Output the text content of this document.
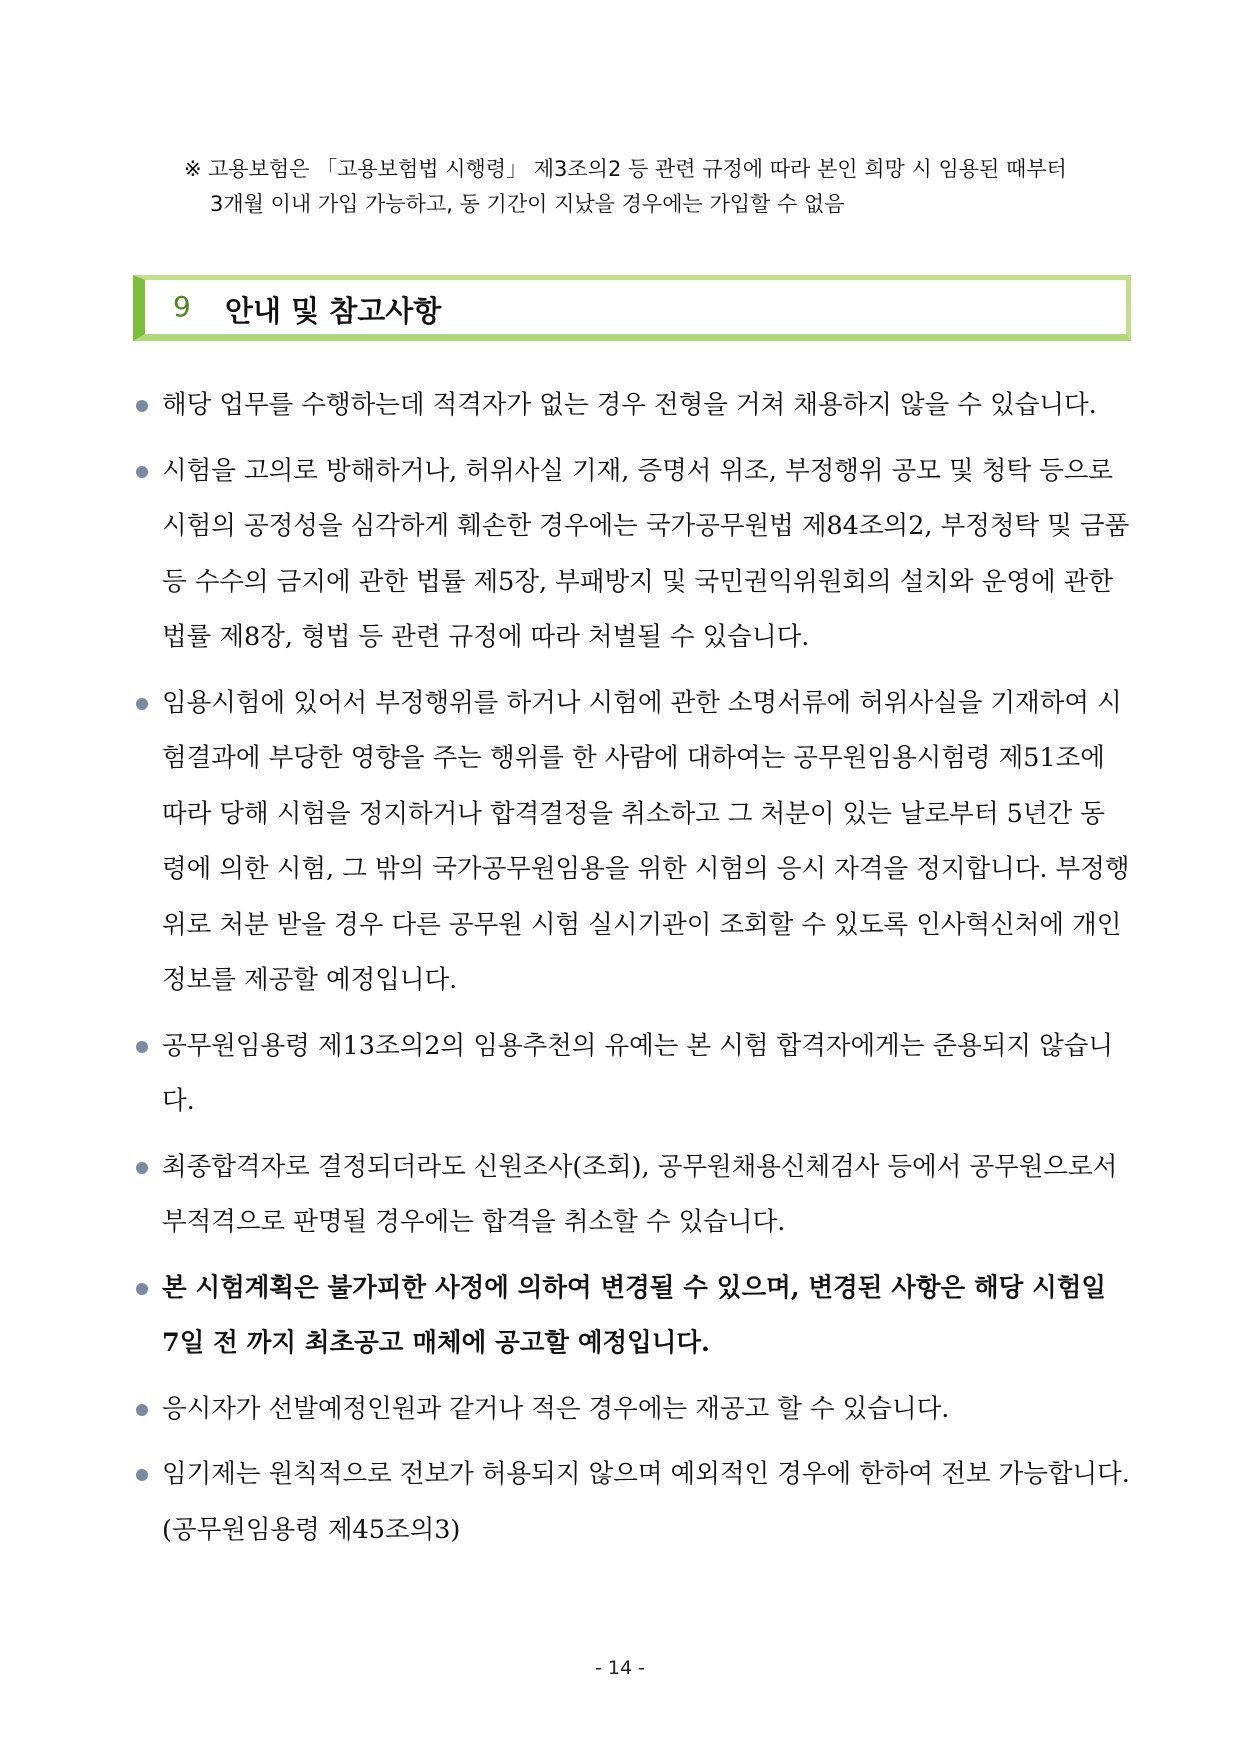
※ 고용보험은 「고용보험법 시행령」 제3조의2 등 관련 규정에 따라 본인 희망 시 임용된 때부터
3개월 이내 가입 가능하고, 동 기간이 지났을 경우에는 가입할 수 없음
9 안내 및 참고사항
해당 업무를 수행하는데 적격자가 없는 경우 전형을 거쳐 채용하지 않을 수 있습니다.
시험을 고의로 방해하거나, 허위사실 기재, 증명서 위조, 부정행위 공모 및 청탁 등으로 시험의 공정성을 심각하게 훼손한 경우에는 국가공무원법 제84조의2, 부정청탁 및 금품 등 수수의 금지에 관한 법률 제5장, 부패방지 및 국민권익위원회의 설치와 운영에 관한 법률 제8장, 형법 등 관련 규정에 따라 처벌될 수 있습니다.
임용시험에 있어서 부정행위를 하거나 시험에 관한 소명서류에 허위사실을 기재하여 시험결과에 부당한 영향을 주는 행위를 한 사람에 대하여는 공무원임용시험령 제51조에 따라 당해 시험을 정지하거나 합격결정을 취소하고 그 처분이 있는 날로부터 5년간 동 령에 의한 시험, 그 밖의 국가공무원임용을 위한 시험의 응시 자격을 정지합니다. 부정행위로 처분 받을 경우 다른 공무원 시험 실시기관이 조회할 수 있도록 인사혁신처에 개인정보를 제공할 예정입니다.
공무원임용령 제13조의2의 임용추천의 유예는 본 시험 합격자에게는 준용되지 않습니다.
최종합격자로 결정되더라도 신원조사(조회), 공무원채용신체검사 등에서 공무원으로서 부적격으로 판명될 경우에는 합격을 취소할 수 있습니다.
본 시험계획은 불가피한 사정에 의하여 변경될 수 있으며, 변경된 사항은 해당 시험일 7일 전 까지 최초공고 매체에 공고할 예정입니다.
응시자가 선발예정인원과 같거나 적은 경우에는 재공고 할 수 있습니다.
임기제는 원칙적으로 전보가 허용되지 않으며 예외적인 경우에 한하여 전보 가능합니다.(공무원임용령 제45조의3)
- 14 -
